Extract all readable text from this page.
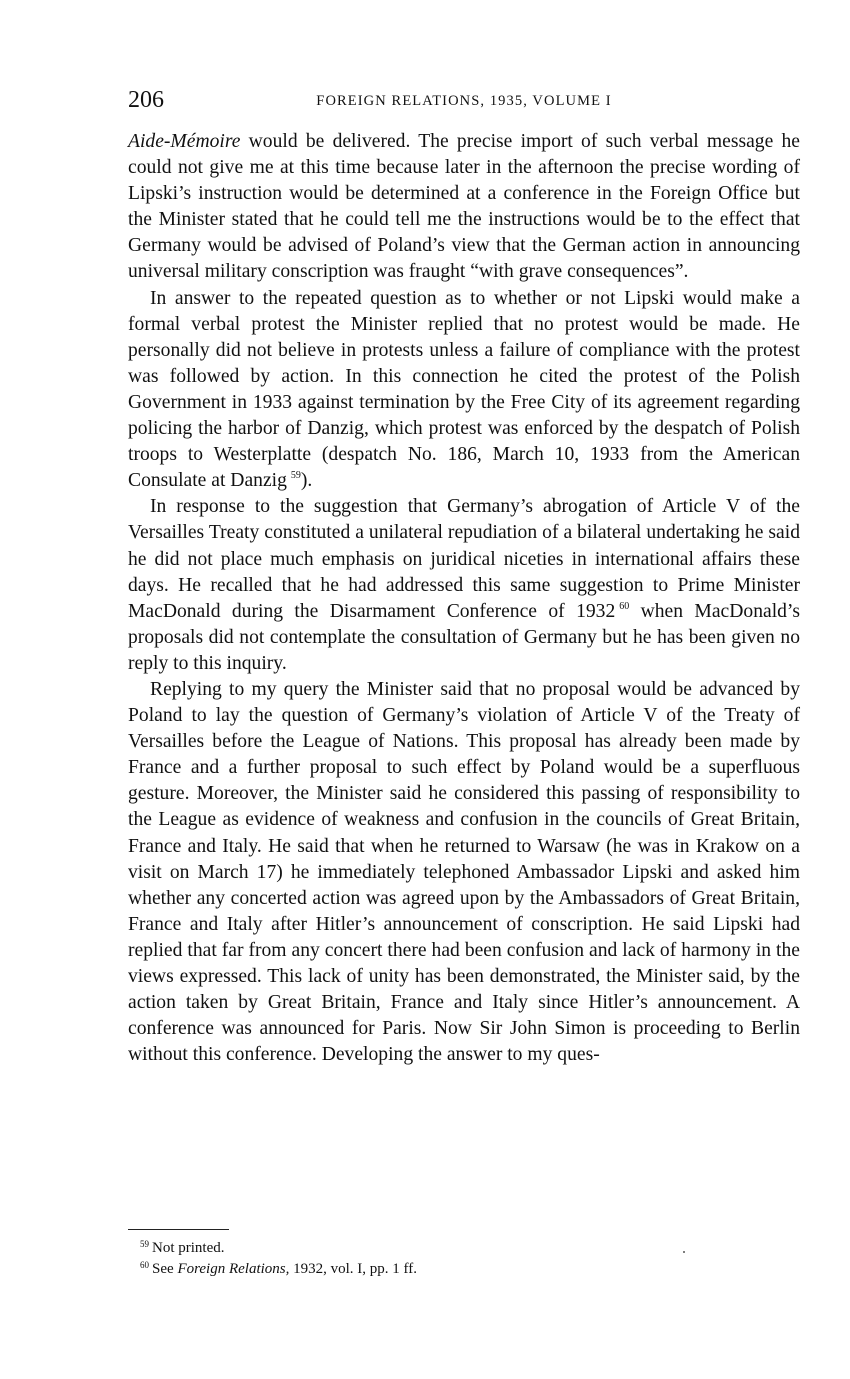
206	FOREIGN RELATIONS, 1935, VOLUME I

Aide-Mémoire would be delivered. The precise import of such verbal message he could not give me at this time because later in the afternoon the precise wording of Lipski’s instruction would be determined at a conference in the Foreign Office but the Minister stated that he could tell me the instructions would be to the effect that Germany would be advised of Poland’s view that the German action in announcing universal military conscription was fraught “with grave consequences”.

In answer to the repeated question as to whether or not Lipski would make a formal verbal protest the Minister replied that no protest would be made. He personally did not believe in protests unless a failure of compliance with the protest was followed by action. In this connection he cited the protest of the Polish Government in 1933 against termination by the Free City of its agreement regarding policing the harbor of Danzig, which protest was enforced by the despatch of Polish troops to Westerplatte (despatch No. 186, March 10, 1933 from the American Consulate at Danzig  $^{59}$).

In response to the suggestion that Germany’s abrogation of Article V of the Versailles Treaty constituted a unilateral repudiation of a bilateral undertaking he said he did not place much emphasis on juridical niceties in international affairs these days. He recalled that he had addressed this same suggestion to Prime Minister MacDonald during the Disarmament Conference of 1932  $^{60}$ when MacDonald’s proposals did not contemplate the consultation of Germany but he has been given no reply to this inquiry.

Replying to my query the Minister said that no proposal would be advanced by Poland to lay the question of Germany’s violation of Article V of the Treaty of Versailles before the League of Nations. This proposal has already been made by France and a further proposal to such effect by Poland would be a superfluous gesture. Moreover, the Minister said he considered this passing of responsibility to the League as evidence of weakness and confusion in the councils of Great Britain, France and Italy. He said that when he returned to Warsaw (he was in Krakow on a visit on March 17) he immediately telephoned Ambassador Lipski and asked him whether any concerted action was agreed upon by the Ambassadors of Great Britain, France and Italy after Hitler’s announcement of conscription. He said Lipski had replied that far from any concert there had been confusion and lack of harmony in the views expressed. This lack of unity has been demonstrated, the Minister said, by the action taken by Great Britain, France and Italy since Hitler’s announcement. A conference was announced for Paris. Now Sir John Simon is proceeding to Berlin without this conference. Developing the answer to my ques-

$^{59}$  Not printed.

$^{60}$  See Foreign Relations, 1932, vol. I, pp. 1 ff.
